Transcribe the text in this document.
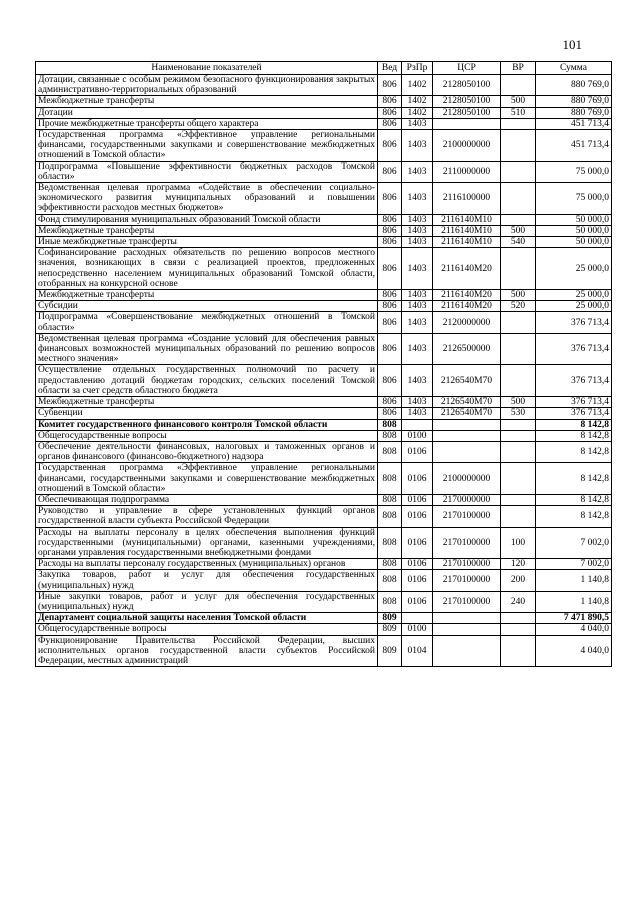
101
Наименование показателей	Вед	РзПр	ЦСР	ВР	Сумма
Дотации, связанные с особым режимом безопасного функционирования закрытых административно-территориальных образований	806	1402	2128050100		880 769,0
Межбюджетные трансферты	806	1402	2128050100	500	880 769,0
Дотации	806	1402	2128050100	510	880 769,0
Прочие межбюджетные трансферты общего характера	806	1403			451 713,4
Государственная программа «Эффективное управление региональными финансами, государственными закупками и совершенствование межбюджетных отношений в Томской области»	806	1403	2100000000		451 713,4
Подпрограмма «Повышение эффективности бюджетных расходов Томской области»	806	1403	2110000000		75 000,0
Ведомственная целевая программа «Содействие в обеспечении социально-экономического развития муниципальных образований и повышении эффективности расходов местных бюджетов»	806	1403	2116100000		75 000,0
Фонд стимулирования муниципальных образований Томской области	806	1403	2116140M10		50 000,0
Межбюджетные трансферты	806	1403	2116140M10	500	50 000,0
Иные межбюджетные трансферты	806	1403	2116140M10	540	50 000,0
Софинансирование расходных обязательств по решению вопросов местного значения, возникающих в связи с реализацией проектов, предложенных непосредственно населением муниципальных образований Томской области, отобранных на конкурсной основе	806	1403	2116140M20		25 000,0
Межбюджетные трансферты	806	1403	2116140M20	500	25 000,0
Субсидии	806	1403	2116140M20	520	25 000,0
Подпрограмма «Совершенствование межбюджетных отношений в Томской области»	806	1403	2120000000		376 713,4
Ведомственная целевая программа «Создание условий для обеспечения равных финансовых возможностей муниципальных образований по решению вопросов местного значения»	806	1403	2126500000		376 713,4
Осуществление отдельных государственных полномочий по расчету и предоставлению дотаций бюджетам городских, сельских поселений Томской области за счет средств областного бюджета	806	1403	2126540M70		376 713,4
Межбюджетные трансферты	806	1403	2126540M70	500	376 713,4
Субвенции	806	1403	2126540M70	530	376 713,4
Комитет государственного финансового контроля Томской области	808				8 142,8
Общегосударственные вопросы	808	0100			8 142,8
Обеспечение деятельности финансовых, налоговых и таможенных органов и органов финансового (финансово-бюджетного) надзора	808	0106			8 142,8
Государственная программа «Эффективное управление региональными финансами, государственными закупками и совершенствование межбюджетных отношений в Томской области»	808	0106	2100000000		8 142,8
Обеспечивающая подпрограмма	808	0106	2170000000		8 142,8
Руководство и управление в сфере установленных функций органов государственной власти субъекта Российской Федерации	808	0106	2170100000		8 142,8
Расходы на выплаты персоналу в целях обеспечения выполнения функций государственными (муниципальными) органами, казенными учреждениями, органами управления государственными внебюджетными фондами	808	0106	2170100000	100	7 002,0
Расходы на выплаты персоналу государственных (муниципальных) органов	808	0106	2170100000	120	7 002,0
Закупка товаров, работ и услуг для обеспечения государственных (муниципальных) нужд	808	0106	2170100000	200	1 140,8
Иные закупки товаров, работ и услуг для обеспечения государственных (муниципальных) нужд	808	0106	2170100000	240	1 140,8
Департамент социальной защиты населения Томской области	809				7 471 890,5
Общегосударственные вопросы	809	0100			4 040,0
Функционирование Правительства Российской Федерации, высших исполнительных органов государственной власти субъектов Российской Федерации, местных администраций	809	0104			4 040,0
